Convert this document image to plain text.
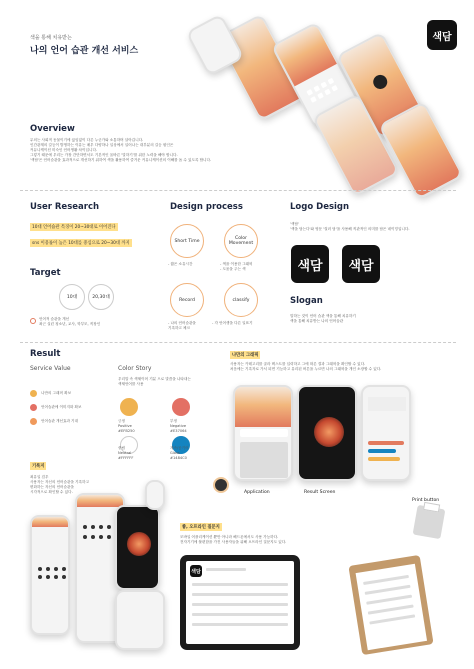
색을 통해 치유받는
나의 언어 습관 개선 서비스
색담
Overview
무의는 사회적 동물이기에 끊임없이 다른 누군가와 소통하며 살아갑니다.
인간관계의 갈등이 발생하는 이유는 매우 다양하나 일상에서 일어나는 대부분의 갈등 원인은
커뮤니케이션 미숙인 언어생활 차이입니다.
그렇기 때문에 우리는 가장 간단하면서도 기본적인 올바른 '말하기'를 위한 노력을 해야 합니다.
'색담'은 언어습관을 효과적으로 개선하기 위하여 색을 활용하여 즐거운 커뮤니케이션의 이해를 돕 수 있도록 합니다.
User Research
10대 언어습관 특징이 20~30대로 이어진다
sns 이용률이 높은 10대를 중심으로 20~30대 까지
Target
10대	20,30대
언어적 습관을 개선
최근 실린 청소년, 교사, 학부모, 직장인
Design process
Short Time
- 짧은 소유시간
Color Movement
- 색을 이용한 그래픽
- 도움을 주는 색
Record
- 나의 언어습관을
기록하고 체크
classify
- 각 언어생을 다른 일표기
Logo Design
'색담'
'색을 담는다'와 영문 '컬러 담'을 사용해 직관적인 의미를 담은 네이밍입니다.
색담 색담
Slogan
말하는 것이 언어 습관 색을 통해 치유하기
색을 통해 치유받는 나의 언어습관
Result
Service Value
나만의 그래픽 확보
언어습관에 이미지화 확보
언어습관 개선효과 기대
Color Story
우리말 속 색채이어 기분 으로 말씀을 나타내는
색채언어를 사용
긍정
Positive
#EFB250
부정
Negative
#E37064
중립
Neutral
#FFFFFF
계속/공기어
Gloss
#1484C0
나만의 그래픽
사용자는 카테고리를 골라 텍스트를 입력하고 그에 따른 결과 그래픽을 확인할 수 있다.
처음에는 기록자로 가서 되면 기능하고 유리된 버튼을 누르면 나의 그래픽을 개인 소장할 수 있다.
Application	Result Screen
기록지
최유일 검우
사용자는 자신의 언어습관을 기록하고
변화하는 자신의 언어습관을
시각적으로 확인할 수 있다.
좋, 오프라인 질문지
모바일 어플리케이션 뿐만 아니라 해드폰에서도 사용 가능하다.
전자기기에 불편함을 가진 사용자들을 위해 오프라인 질문지도 있다.
색담
Print button
